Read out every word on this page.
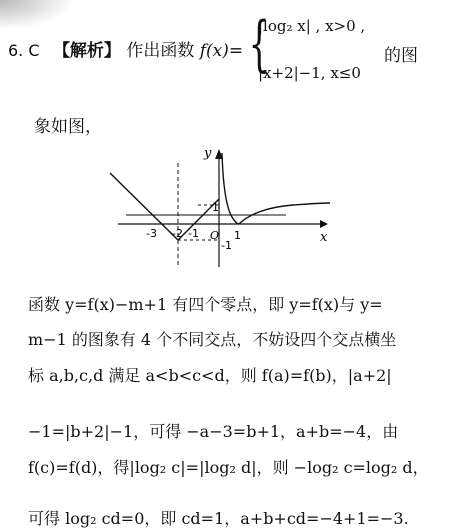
6. C 【解析】 作出函数 f(x)= {
|log₂ x| , x>0 ,
|x+2|−1, x≤0
的图
象如图，
y
x
O
-3 -2 -1	1
1
-1
函数 y=f(x)−m+1 有四个零点，即 y=f(x)与 y=
m−1 的图象有 4 个不同交点，不妨设四个交点横坐
标 a,b,c,d 满足 a<b<c<d，则 f(a)=f(b)，|a+2|
−1=|b+2|−1，可得 −a−3=b+1，a+b=−4，由
f(c)=f(d)，得|log₂ c|=|log₂ d|，则 −log₂ c=log₂ d，
可得 log₂ cd=0，即 cd=1，a+b+cd=−4+1=−3.
